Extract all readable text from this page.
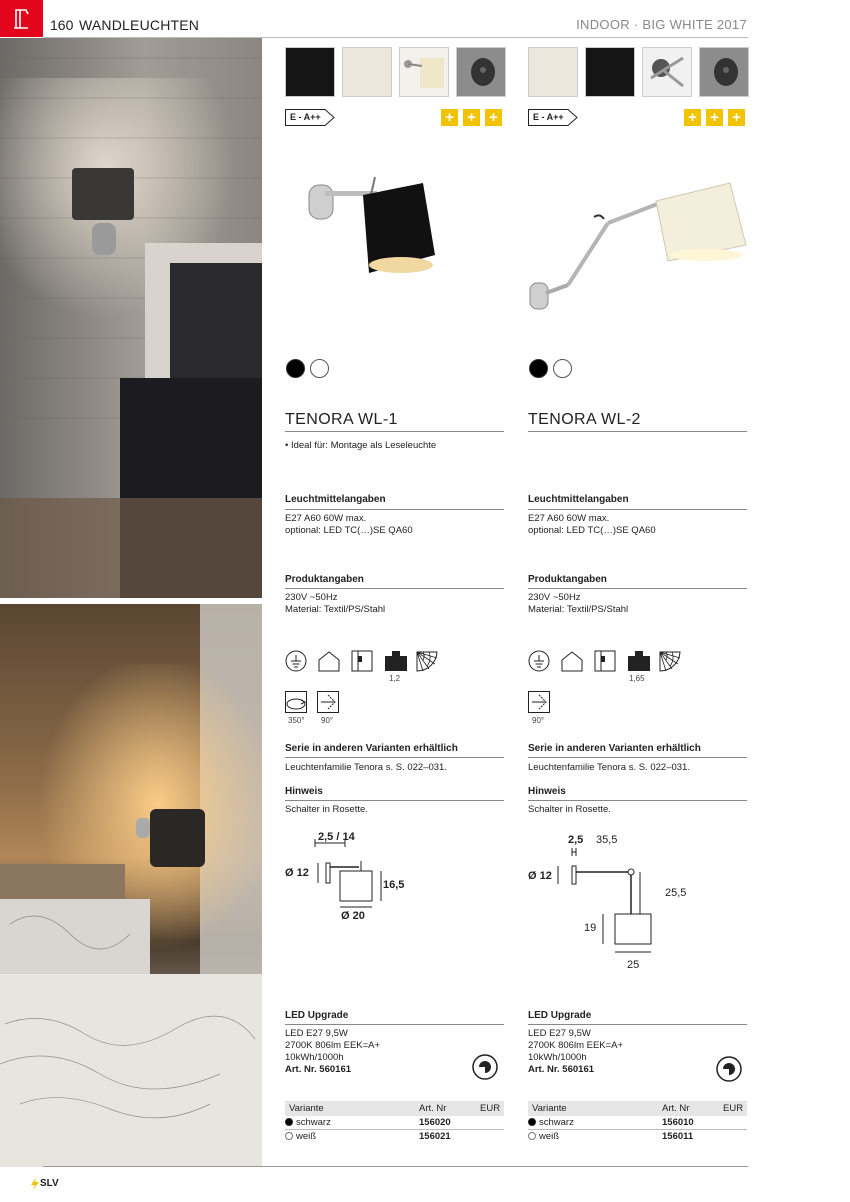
160 WANDLEUCHTEN	INDOOR · BIG WHITE 2017
E - A++	+ + +
TENORA WL-1
• Ideal für: Montage als Leseleuchte
Leuchtmittelangaben
E27 A60 60W max.
optional: LED TC(…)SE QA60
Produktangaben
230V ~50Hz
Material: Textil/PS/Stahl
1,2
350° 90°
Serie in anderen Varianten erhältlich
Leuchtenfamilie Tenora s. S. 022–031.
Hinweis
Schalter in Rosette.
2,5 / 14
Ø 12
16,5
Ø 20
LED Upgrade
LED E27 9,5W
2700K 806lm EEK=A+
10kWh/1000h
Art. Nr. 560161
Variante	Art. Nr	EUR
schwarz	156020
weiß	156021
E - A++	+ + +
TENORA WL-2
Leuchtmittelangaben
E27 A60 60W max.
optional: LED TC(…)SE QA60
Produktangaben
230V ~50Hz
Material: Textil/PS/Stahl
1,65
90°
Serie in anderen Varianten erhältlich
Leuchtenfamilie Tenora s. S. 022–031.
Hinweis
Schalter in Rosette.
2,5 35,5
Ø 12
25,5
19
25
LED Upgrade
LED E27 9,5W
2700K 806lm EEK=A+
10kWh/1000h
Art. Nr. 560161
Variante	Art. Nr	EUR
schwarz	156010
weiß	156011
SLV
